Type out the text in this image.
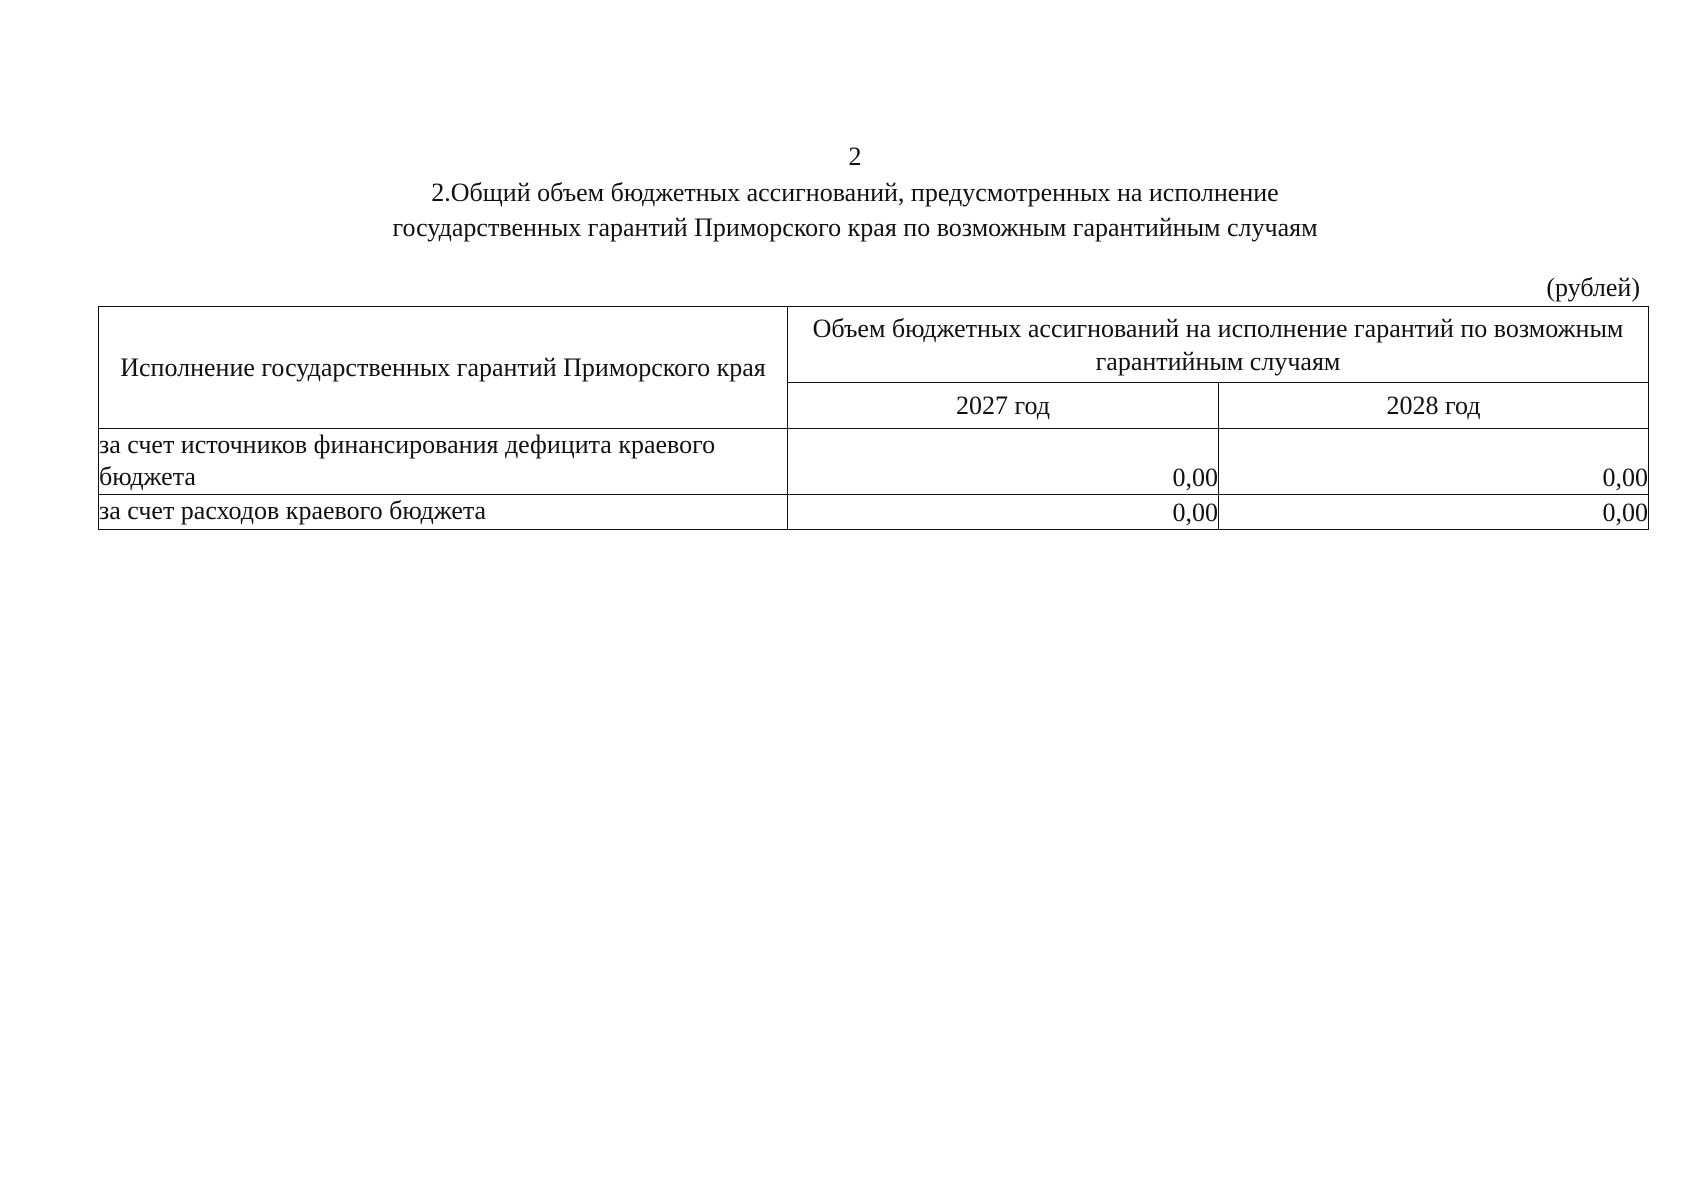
2
2.Общий объем бюджетных ассигнований, предусмотренных на исполнение
государственных гарантий Приморского края по возможным гарантийным случаям
(рублей)
Исполнение государственных гарантий Приморского края	Объем бюджетных ассигнований на исполнение гарантий по возможным гарантийным случаям	
	2027 год	2028 год
за счет источников финансирования дефицита краевого бюджета	0,00	0,00
за счет расходов краевого бюджета	0,00	0,00
